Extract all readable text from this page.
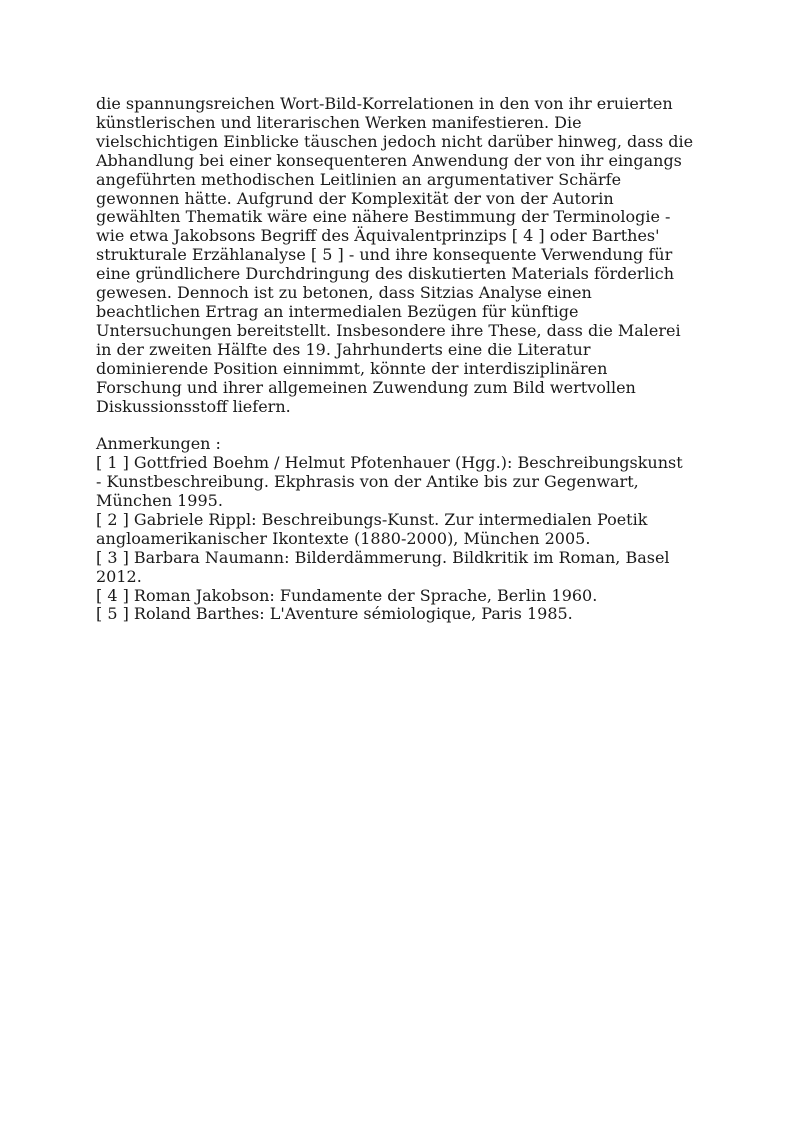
die spannungsreichen Wort-Bild-Korrelationen in den von ihr eruierten
künstlerischen und literarischen Werken manifestieren. Die
vielschichtigen Einblicke täuschen jedoch nicht darüber hinweg, dass die
Abhandlung bei einer konsequenteren Anwendung der von ihr eingangs
angeführten methodischen Leitlinien an argumentativer Schärfe
gewonnen hätte. Aufgrund der Komplexität der von der Autorin
gewählten Thematik wäre eine nähere Bestimmung der Terminologie -
wie etwa Jakobsons Begriff des Äquivalentprinzips [ 4 ] oder Barthes'
strukturale Erzählanalyse [ 5 ] - und ihre konsequente Verwendung für
eine gründlichere Durchdringung des diskutierten Materials förderlich
gewesen. Dennoch ist zu betonen, dass Sitzias Analyse einen
beachtlichen Ertrag an intermedialen Bezügen für künftige
Untersuchungen bereitstellt. Insbesondere ihre These, dass die Malerei
in der zweiten Hälfte des 19. Jahrhunderts eine die Literatur
dominierende Position einnimmt, könnte der interdisziplinären
Forschung und ihrer allgemeinen Zuwendung zum Bild wertvollen
Diskussionsstoff liefern.
Anmerkungen :
[ 1 ] Gottfried Boehm / Helmut Pfotenhauer (Hgg.): Beschreibungskunst
- Kunstbeschreibung. Ekphrasis von der Antike bis zur Gegenwart,
München 1995.
[ 2 ] Gabriele Rippl: Beschreibungs-Kunst. Zur intermedialen Poetik
angloamerikanischer Ikontexte (1880-2000), München 2005.
[ 3 ] Barbara Naumann: Bilderdämmerung. Bildkritik im Roman, Basel
2012.
[ 4 ] Roman Jakobson: Fundamente der Sprache, Berlin 1960.
[ 5 ] Roland Barthes: L'Aventure sémiologique, Paris 1985.
